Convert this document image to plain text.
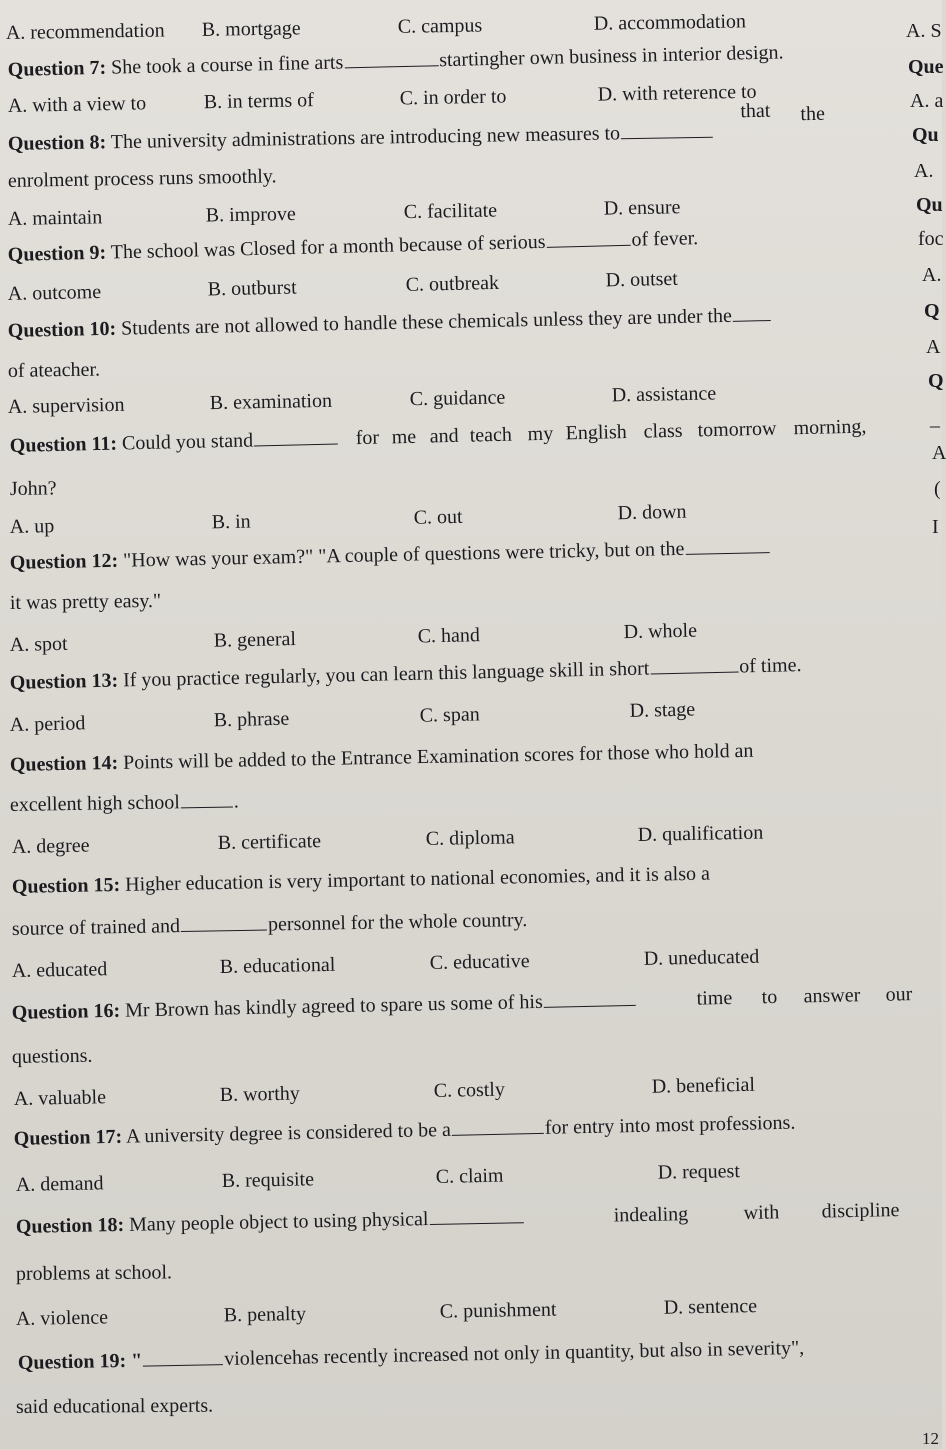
A. recommendation B. mortgage	C. campus	D. accommodation
Question 7: She took a course in fine arts	startingher own business in interior design.
A. with a view to	B. in terms of	C. in order to	D. with reterence to
Question 8: The university administrations are introducing new measures to
that the
enrolment process runs smoothly.
A. maintain	B. improve	C. facilitate	D. ensure
Question 9: The school was Closed for a month because of serious	of fever.
A. outcome	B. outburst	C. outbreak	D. outset
Question 10: Students are not allowed to handle these chemicals unless they are under the
of ateacher.
A. supervision	B. examination	C. guidance	D. assistance
Question 11: Could you stand	for me and teach my English class tomorrow morning,
John?
A. up	B. in	C. out	D. down
Question 12: "How was your exam?" "A couple of questions were tricky, but on the
it was pretty easy."
A. spot	B. general	C. hand	D. whole
Question 13: If you practice regularly, you can learn this language skill in short	of time.
A. period	B. phrase	C. span	D. stage
Question 14: Points will be added to the Entrance Examination scores for those who hold an
excellent high school	.
A. degree	B. certificate	C. diploma	D. qualification
Question 15: Higher education is very important to national economies, and it is also a
source of trained and	personnel for the whole country.
A. educated	B. educational	C. educative	D. uneducated
Question 16: Mr Brown has kindly agreed to spare us some of his	time to answer our
questions.
A. valuable	B. worthy	C. costly	D. beneficial
Question 17: A university degree is considered to be a	for entry into most professions.
A. demand	B. requisite	C. claim	D. request
Question 18: Many people object to using physical	indealing	with discipline
problems at school.
A. violence	B. penalty	C. punishment	D. sentence
Question 19: "	violencehas recently increased not only in quantity, but also in severity",
said educational experts.
A. S
Que
A. a
Qu
A.
Qu
foc
A.
Q
A
Q
_
A
(
I
12
